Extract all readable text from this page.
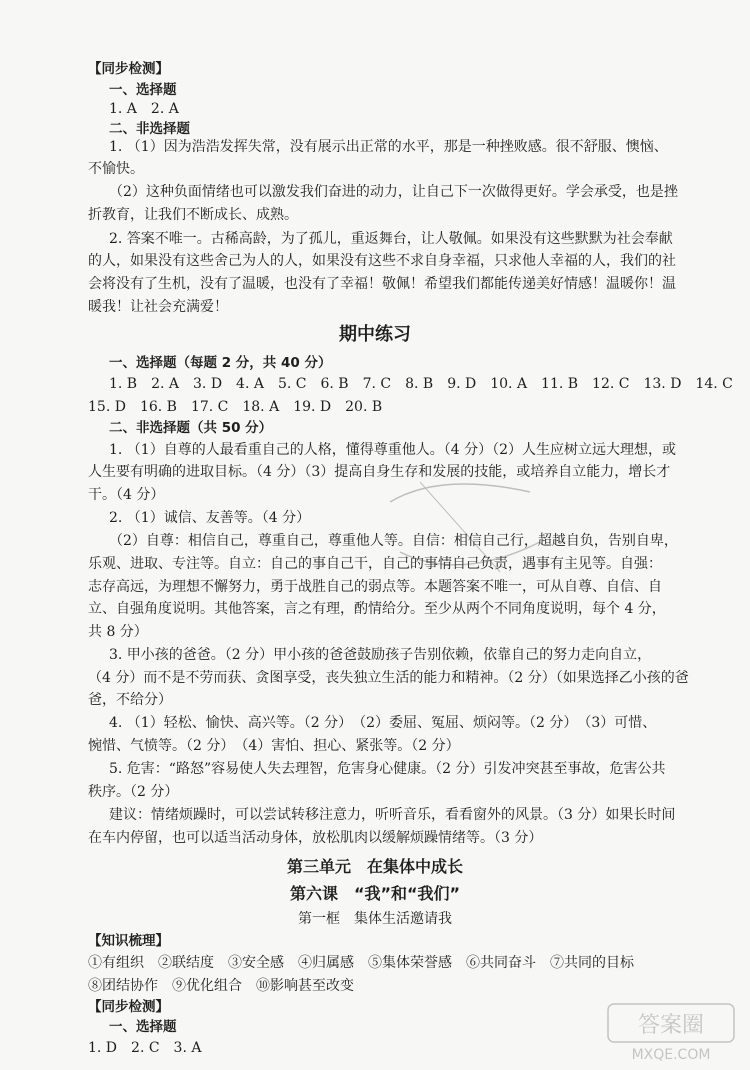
【同步检测】
一、选择题
1. A　2. A
二、非选择题
1. （1）因为浩浩发挥失常，没有展示出正常的水平，那是一种挫败感。很不舒服、懊恼、
不愉快。
（2）这种负面情绪也可以激发我们奋进的动力，让自己下一次做得更好。学会承受，也是挫
折教育，让我们不断成长、成熟。
2. 答案不唯一。古稀高龄，为了孤儿，重返舞台，让人敬佩。如果没有这些默默为社会奉献
的人，如果没有这些舍己为人的人，如果没有这些不求自身幸福，只求他人幸福的人，我们的社
会将没有了生机，没有了温暖，也没有了幸福！敬佩！希望我们都能传递美好情感！温暖你！温
暖我！让社会充满爱！
期中练习
一、选择题（每题 2 分，共 40 分）
1. B　2. A　3. D　4. A　5. C　6. B　7. C　8. B　9. D　10. A　11. B　12. C　13. D　14. C
15. D　16. B　17. C　18. A　19. D　20. B
二、非选择题（共 50 分）
1. （1）自尊的人最看重自己的人格，懂得尊重他人。（4 分）（2）人生应树立远大理想，或
人生要有明确的进取目标。（4 分）（3）提高自身生存和发展的技能，或培养自立能力，增长才
干。（4 分）
2. （1）诚信、友善等。（4 分）
（2）自尊：相信自己，尊重自己，尊重他人等。自信：相信自己行，超越自负，告别自卑，
乐观、进取、专注等。自立：自己的事自己干，自己的事情自己负责，遇事有主见等。自强：
志存高远，为理想不懈努力，勇于战胜自己的弱点等。本题答案不唯一，可从自尊、自信、自
立、自强角度说明。其他答案，言之有理，酌情给分。至少从两个不同角度说明，每个 4 分，
共 8 分）
3. 甲小孩的爸爸。（2 分）甲小孩的爸爸鼓励孩子告别依赖，依靠自己的努力走向自立，
（4 分）而不是不劳而获、贪图享受，丧失独立生活的能力和精神。（2 分）（如果选择乙小孩的爸
爸，不给分）
4. （1）轻松、愉快、高兴等。（2 分）　（2）委屈、冤屈、烦闷等。（2 分）　（3）可惜、
惋惜、气愤等。（2 分）　（4）害怕、担心、紧张等。（2 分）
5. 危害：“路怒”容易使人失去理智，危害身心健康。（2 分）引发冲突甚至事故，危害公共
秩序。（2 分）
建议：情绪烦躁时，可以尝试转移注意力，听听音乐，看看窗外的风景。（3 分）如果长时间
在车内停留，也可以适当活动身体，放松肌肉以缓解烦躁情绪等。（3 分）
第三单元　在集体中成长
第六课　“我”和“我们”
第一框　集体生活邀请我
【知识梳理】
①有组织　②联结度　③安全感　④归属感　⑤集体荣誉感　⑥共同奋斗　⑦共同的目标
⑧团结协作　⑨优化组合　⑩影响甚至改变
【同步检测】
一、选择题
1. D　2. C　3. A
答案圈
MXQE.COM
